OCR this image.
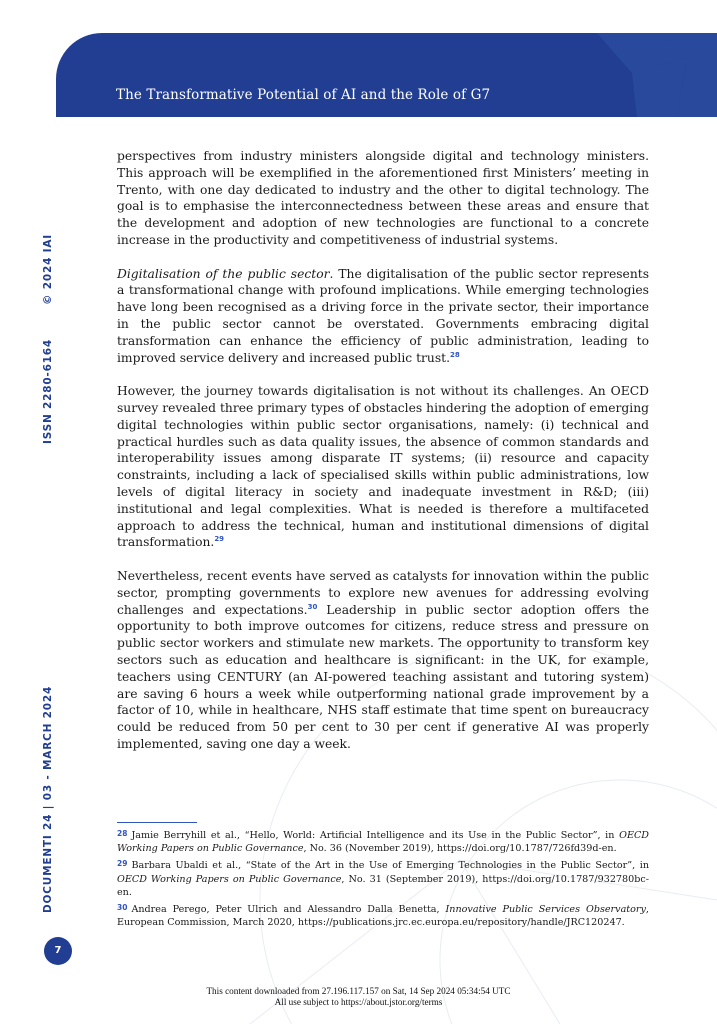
The Transformative Potential of AI and the Role of G7
© 2024 IAI
ISSN 2280-6164
DOCUMENTI 24 | 03 - MARCH 2024
7

perspectives from industry ministers alongside digital and technology ministers. This approach will be exemplified in the aforementioned first Ministers’ meeting in Trento, with one day dedicated to industry and the other to digital technology. The goal is to emphasise the interconnectedness between these areas and ensure that the development and adoption of new technologies are functional to a concrete increase in the productivity and competitiveness of industrial systems.

Digitalisation of the public sector. The digitalisation of the public sector represents a transformational change with profound implications. While emerging technologies have long been recognised as a driving force in the private sector, their importance in the public sector cannot be overstated. Governments embracing digital transformation can enhance the efficiency of public administration, leading to improved service delivery and increased public trust.$^{28}$

However, the journey towards digitalisation is not without its challenges. An OECD survey revealed three primary types of obstacles hindering the adoption of emerging digital technologies within public sector organisations, namely: (i) technical and practical hurdles such as data quality issues, the absence of common standards and interoperability issues among disparate IT systems; (ii) resource and capacity constraints, including a lack of specialised skills within public administrations, low levels of digital literacy in society and inadequate investment in R&D; (iii) institutional and legal complexities. What is needed is therefore a multifaceted approach to address the technical, human and institutional dimensions of digital transformation.$^{29}$

Nevertheless, recent events have served as catalysts for innovation within the public sector, prompting governments to explore new avenues for addressing evolving challenges and expectations.$^{30}$ Leadership in public sector adoption offers the opportunity to both improve outcomes for citizens, reduce stress and pressure on public sector workers and stimulate new markets. The opportunity to transform key sectors such as education and healthcare is significant: in the UK, for example, teachers using CENTURY (an AI-powered teaching assistant and tutoring system) are saving 6 hours a week while outperforming national grade improvement by a factor of 10, while in healthcare, NHS staff estimate that time spent on bureaucracy could be reduced from 50 per cent to 30 per cent if generative AI was properly implemented, saving one day a week.

$^{28}$ Jamie Berryhill et al., “Hello, World: Artificial Intelligence and its Use in the Public Sector”, in OECD Working Papers on Public Governance, No. 36 (November 2019), https://doi.org/10.1787/726fd39d-en.
$^{29}$ Barbara Ubaldi et al., “State of the Art in the Use of Emerging Technologies in the Public Sector”, in OECD Working Papers on Public Governance, No. 31 (September 2019), https://doi.org/10.1787/932780bc-en.
$^{30}$ Andrea Perego, Peter Ulrich and Alessandro Dalla Benetta, Innovative Public Services Observatory, European Commission, March 2020, https://publications.jrc.ec.europa.eu/repository/handle/JRC120247.
This content downloaded from 27.196.117.157 on Sat, 14 Sep 2024 05:34:54 UTC
All use subject to https://about.jstor.org/terms
